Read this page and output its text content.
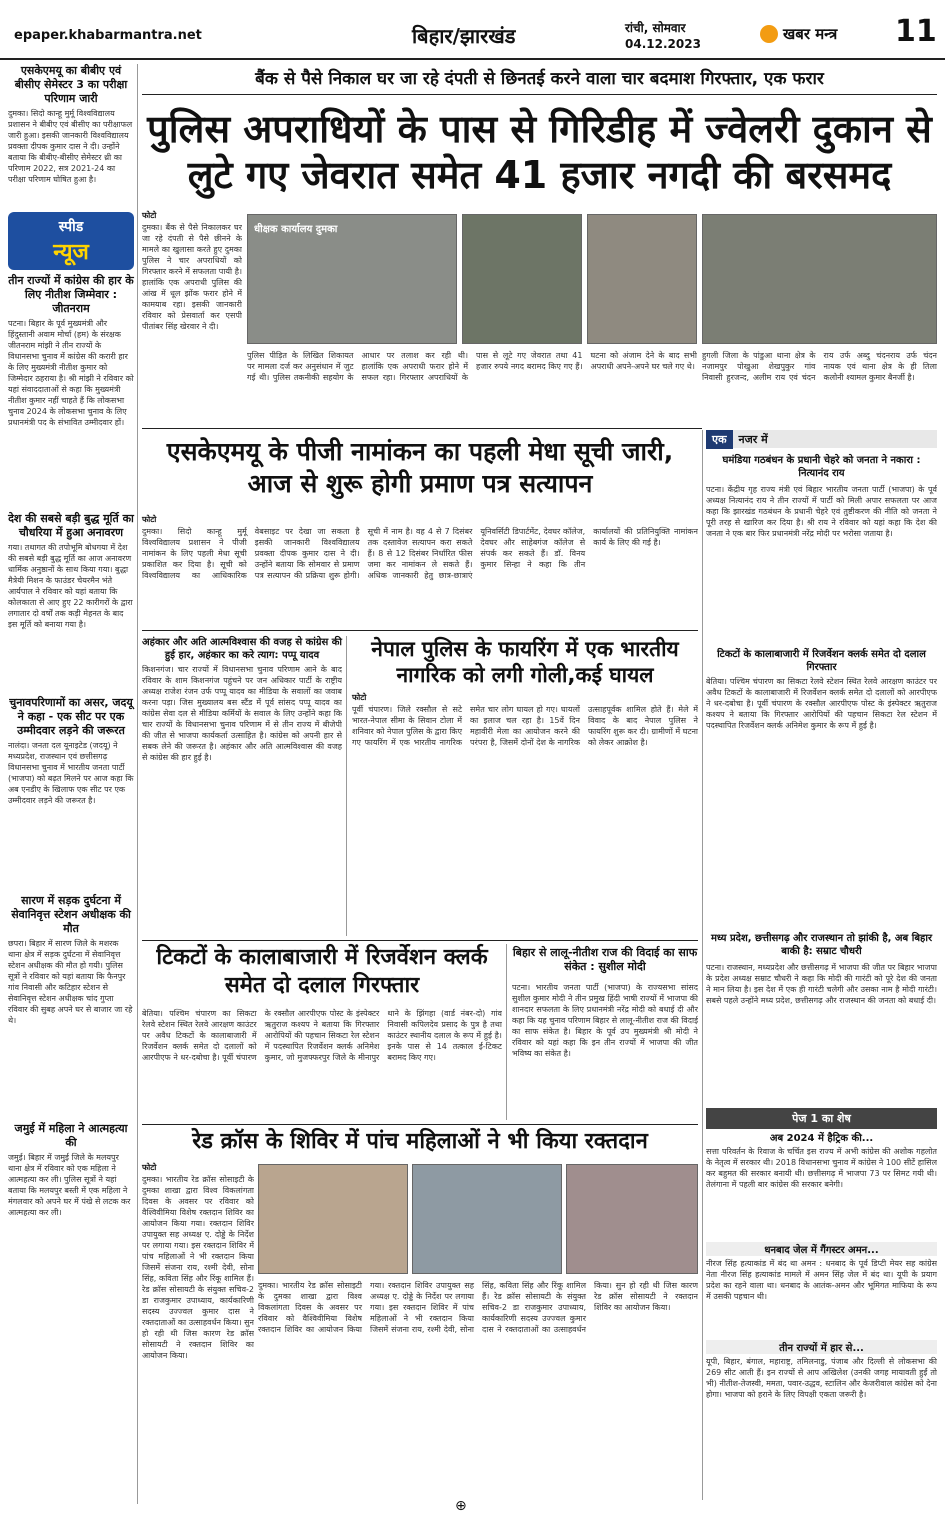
epaper.khabarmantra.net	बिहार/झारखंड	रांची, सोमवार
04.12.2023
खबर मन्त्र 11
एसकेएमयू का बीबीए एवं बीसीए सेमेस्टर 3 का परीक्षा परिणाम जारी
दुमका। सिदो कान्हू मुर्मू विश्वविद्यालय प्रशासन ने बीबीए एवं बीसीए का परीक्षाफल जारी हुआ। इसकी जानकारी विश्वविद्यालय प्रवक्ता दीपक कुमार दास ने दी। उन्होंने बताया कि बीबीए-बीसीए सेमेस्टर थ्री का परिणाम 2022, सत्र 2021-24 का परीक्षा परिणाम घोषित हुआ है।
स्पीड
न्यूज
तीन राज्यों में कांग्रेस की हार के लिए नीतीश जिम्मेवार : जीतनराम
पटना। बिहार के पूर्व मुख्यमंत्री और हिंदुस्तानी अवाम मोर्चा (हम) के संरक्षक जीतनराम मांझी ने तीन राज्यों के विधानसभा चुनाव में कांग्रेस की करारी हार के लिए मुख्यमंत्री नीतीश कुमार को जिम्मेदार ठहराया है। श्री मांझी ने रविवार को यहां संवाददाताओं से कहा कि मुख्यमंत्री नीतीश कुमार नहीं चाहते हैं कि लोकसभा चुनाव 2024 के लोकसभा चुनाव के लिए प्रधानमंत्री पद के संभावित उम्मीदवार हों।
देश की सबसे बड़ी बुद्ध मूर्ति का चौधरिया में हुआ अनावरण
गया। तथागत की तपोभूमि बोधगया में देश की सबसे बड़ी बुद्ध मूर्ति का आज अनावरण धार्मिक अनुष्ठानों के साथ किया गया। बुद्धा मैत्रेयी मिशन के फाउंडर चेयरमैन भंते आर्यपाल ने रविवार को यहां बताया कि कोलकाता से आए हुए 22 कारीगरों के द्वारा लगातार दो वर्षों तक कड़ी मेहनत के बाद इस मूर्ति को बनाया गया है।
चुनावपरिणामों का असर, जदयू ने कहा - एक सीट पर एक उम्मीदवार लड़ने की जरूरत
नालंदा। जनता दल यूनाइटेड (जदयू) ने मध्यप्रदेश, राजस्थान एवं छत्तीसगढ़ विधानसभा चुनाव में भारतीय जनता पार्टी (भाजपा) को बढ़त मिलने पर आज कहा कि अब एनडीए के खिलाफ एक सीट पर एक उम्मीदवार लड़ने की जरूरत है।
सारण में सड़क दुर्घटना में सेवानिवृत्त स्टेशन अधीक्षक की मौत
छपरा। बिहार में सारण जिले के मशरक थाना क्षेत्र में सड़क दुर्घटना में सेवानिवृत्त स्टेशन अधीक्षक की मौत हो गयी। पुलिस सूत्रों ने रविवार को यहां बताया कि फैनपुर गांव निवासी और कटिहार स्टेशन से सेवानिवृत्त स्टेशन अधीक्षक चांद गुप्ता रविवार की सुबह अपने घर से बाजार जा रहे थे।
जमुई में महिला ने आत्महत्या की
जमुई। बिहार में जमुई जिले के मलयपुर थाना क्षेत्र में रविवार को एक महिला ने आत्महत्या कर ली। पुलिस सूत्रों ने यहां बताया कि मलयपुर बस्ती में एक महिला ने मंगलवार को अपने घर में पंखे से लटक कर आत्महत्या कर ली।
बैंक से पैसे निकाल घर जा रहे दंपती से छिनतई करने वाला चार बदमाश गिरफ्तार, एक फरार
पुलिस अपराधियों के पास से गिरिडीह में ज्वेलरी दुकान से लुटे गए जेवरात समेत 41 हजार नगदी की बरसमद
फोटो
दुमका। बैंक से पैसे निकालकर घर जा रहे दंपती से पैसे छीनने के मामले का खुलासा करते हुए दुमका पुलिस ने चार अपराधियों को गिरफ्तार करने में सफलता पायी है। हालांकि एक अपराधी पुलिस की आंख में धूल झोंक फरार होने में कामयाब रहा। इसकी जानकारी रविवार को प्रेसवार्ता कर एसपी पीतांबर सिंह खेरवार ने दी।
धीक्षक कार्यालय दुमका
पुलिस पीड़ित के लिखित शिकायत पर मामला दर्ज कर अनुसंधान में जुट गई थी। पुलिस तकनीकी सहयोग के आधार पर तलाश कर रही थी। हालांकि एक अपराधी फरार होने में सफल रहा। गिरफ्तार अपराधियों के पास से लूटे गए जेवरात तथा 41 हजार रुपये नगद बरामद किए गए हैं। घटना को अंजाम देने के बाद सभी अपराधी अपने-अपने घर चले गए थे।
हुगली जिला के पांडुआ थाना क्षेत्र के नजामपुर पोखुआ शेखपुकुर गांव निवासी हुरजन्द, अलीम राय एवं चंदन राय उर्फ अब्दु चंदनराय उर्फ चंदन नायक एवं थाना क्षेत्र के ही तिला कलोनी श्यामल कुमार बैनर्जी है।
एक	नजर में
घमंडिया गठबंधन के प्रधानी चेहरे को जनता ने नकारा : नित्यानंद राय
पटना। केंद्रीय गृह राज्य मंत्री एवं बिहार भारतीय जनता पार्टी (भाजपा) के पूर्व अध्यक्ष नित्यानंद राय ने तीन राज्यों में पार्टी को मिली अपार सफलता पर आज कहा कि झारखंड गठबंधन के प्रधानी चेहरे एवं तुष्टीकरण की नीति को जनता ने पूरी तरह से खारिज कर दिया है। श्री राय ने रविवार को यहां कहा कि देश की जनता ने एक बार फिर प्रधानमंत्री नरेंद्र मोदी पर भरोसा जताया है।
टिकटों के कालाबाजारी में रिजर्वेशन क्लर्क समेत दो दलाल गिरफ्तार
बेतिया। पश्चिम चंपारण का सिकटा रेलवे स्टेशन स्थित रेलवे आरक्षण काउंटर पर अवैध टिकटों के कालाबाजारी में रिजर्वेशन क्लर्क समेत दो दलालों को आरपीएफ ने धर-दबोचा है। पूर्वी चंपारण के रक्सौल आरपीएफ पोस्ट के इंस्पेक्टर ऋतुराज कश्यप ने बताया कि गिरफ्तार आरोपियों की पहचान सिकटा रेल स्टेशन में पदस्थापित रिजर्वेशन क्लर्क अनिमेश कुमार के रूप में हुई है।
मध्य प्रदेश, छत्तीसगढ़ और राजस्थान तो झांकी है, अब बिहार बाकी है: सम्राट चौधरी
पटना। राजस्थान, मध्यप्रदेश और छत्तीसगढ़ में भाजपा की जीत पर बिहार भाजपा के प्रदेश अध्यक्ष सम्राट चौधरी ने कहा कि मोदी की गारंटी को पूरे देश की जनता ने मान लिया है। इस देश में एक ही गारंटी चलेगी और उसका नाम है मोदी गारंटी। सबसे पहले उन्होंने मध्य प्रदेश, छत्तीसगढ़ और राजस्थान की जनता को बधाई दी।
एसकेएमयू के पीजी नामांकन का पहली मेधा सूची जारी, आज से शुरू होगी प्रमाण पत्र सत्यापन
फोटो
दुमका। सिदो कान्हू मुर्मू विश्वविद्यालय प्रशासन ने पीजी नामांकन के लिए पहली मेधा सूची प्रकाशित कर दिया है। सूची को विश्वविद्यालय का आधिकारिक वेबसाइट पर देखा जा सकता है इसकी जानकारी विश्वविद्यालय प्रवक्ता दीपक कुमार दास ने दी। उन्होंने बताया कि सोमवार से प्रमाण पत्र सत्यापन की प्रक्रिया शुरू होगी। सूची में नाम है। वह 4 से 7 दिसंबर तक दस्तावेज सत्यापन करा सकते हैं। 8 से 12 दिसंबर निर्धारित फीस जमा कर नामांकन ले सकते हैं। अधिक जानकारी हेतु छात्र-छात्राएं यूनिवर्सिटी डिपार्टमेंट, देवघर कॉलेज, देवघर और साहेबगंज कॉलेज से संपर्क कर सकते हैं। डॉ. विनय कुमार सिन्हा ने कहा कि तीन कार्यालयों की प्रतिनियुक्ति नामांकन कार्य के लिए की गई है।
अहंकार और अति आत्मविश्वास की वजह से कांग्रेस की हुई हार, अहंकार का करे त्याग: पप्पू यादव
किशनगंज। चार राज्यों में विधानसभा चुनाव परिणाम आने के बाद रविवार के शाम किशनगंज पहुंचने पर जन अधिकार पार्टी के राष्ट्रीय अध्यक्ष राजेश रंजन उर्फ पप्पू यादव का मीडिया के सवालों का जवाब करना पड़ा। जिस मुख्यालय बस स्टैंड में पूर्व सांसद पप्पू यादव का कांग्रेस सेवा दल से मीडिया कर्मियों के सवाल के लिए उन्होंने कहा कि चार राज्यों के विधानसभा चुनाव परिणाम में से तीन राज्य में बीजेपी की जीत से भाजपा कार्यकर्ता उत्साहित है। कांग्रेस को अपनी हार से सबक लेने की जरूरत है। अहंकार और अति आत्मविश्वास की वजह से कांग्रेस की हार हुई है।
नेपाल पुलिस के फायरिंग में एक भारतीय नागरिक को लगी गोली,कई घायल
फोटो
पूर्वी चंपारण। जिले रक्सौल से सटे भारत-नेपाल सीमा के सिवान टोला में शनिवार को नेपाल पुलिस के द्वारा किए गए फायरिंग में एक भारतीय नागरिक समेत चार लोग घायल हो गए। घायलों का इलाज चल रहा है। 15वें दिन महावीरी मेला का आयोजन करने की परंपरा है, जिसमें दोनों देश के नागरिक उत्साहपूर्वक शामिल होते हैं। मेले में विवाद के बाद नेपाल पुलिस ने फायरिंग शुरू कर दी। ग्रामीणों में घटना को लेकर आक्रोश है।
टिकटों के कालाबाजारी में रिजर्वेशन क्लर्क समेत दो दलाल गिरफ्तार
बेतिया। पश्चिम चंपारण का सिकटा रेलवे स्टेशन स्थित रेलवे आरक्षण काउंटर पर अवैध टिकटों के कालाबाजारी में रिजर्वेशन क्लर्क समेत दो दलालों को आरपीएफ ने धर-दबोचा है। पूर्वी चंपारण के रक्सौल आरपीएफ पोस्ट के इंस्पेक्टर ऋतुराज कश्यप ने बताया कि गिरफ्तार आरोपियों की पहचान सिकटा रेल स्टेशन में पदस्थापित रिजर्वेशन क्लर्क अनिमेश कुमार, जो मुजफ्फरपुर जिले के मीनापुर थाने के झिंगहा (वार्ड नंबर-दो) गांव निवासी कपिलदेव प्रसाद के पुत्र है तथा काउंटर स्थानीय दलाल के रूप में हुई है। इनके पास से 14 तत्काल ई-टिकट बरामद किए गए।
बिहार से लालू-नीतीश राज की विदाई का साफ संकेत : सुशील मोदी
पटना। भारतीय जनता पार्टी (भाजपा) के राज्यसभा सांसद सुशील कुमार मोदी ने तीन प्रमुख हिंदी भाषी राज्यों में भाजपा की शानदार सफलता के लिए प्रधानमंत्री नरेंद्र मोदी को बधाई दी और कहा कि यह चुनाव परिणाम बिहार से लालू-नीतीश राज की विदाई का साफ संकेत है। बिहार के पूर्व उप मुख्यमंत्री श्री मोदी ने रविवार को यहां कहा कि इन तीन राज्यों में भाजपा की जीत भविष्य का संकेत है।
रेड क्रॉस के शिविर में पांच महिलाओं ने भी किया रक्तदान
फोटो
दुमका। भारतीय रेड क्रॉस सोसाइटी के दुमका शाखा द्वारा विश्व विकलांगता दिवस के अवसर पर रविवार को वैश्विवीमिया विशेष रक्तदान शिविर का आयोजन किया गया। रक्तदान शिविर उपायुक्त सह अध्यक्ष ए. दोड्डे के निर्देश पर लगाया गया। इस रक्तदान शिविर में पांच महिलाओं ने भी रक्तदान किया जिसमें संजना राय, रश्मी देवी, सोना सिंह, कविता सिंह और रिंकू शामिल हैं। रेड क्रॉस सोसायटी के संयुक्त सचिव-2 डा राजकुमार उपाध्याय, कार्यकारिणी सदस्य उज्ज्वल कुमार दास ने रक्तदाताओं का उत्साहवर्धन किया। सुन हो रही थी जिस कारण रेड क्रॉस सोसायटी ने रक्तदान शिविर का आयोजन किया।
दुमका। भारतीय रेड क्रॉस सोसाइटी के दुमका शाखा द्वारा विश्व विकलांगता दिवस के अवसर पर रविवार को वैश्विवीमिया विशेष रक्तदान शिविर का आयोजन किया गया। रक्तदान शिविर उपायुक्त सह अध्यक्ष ए. दोड्डे के निर्देश पर लगाया गया। इस रक्तदान शिविर में पांच महिलाओं ने भी रक्तदान किया जिसमें संजना राय, रश्मी देवी, सोना सिंह, कविता सिंह और रिंकू शामिल हैं। रेड क्रॉस सोसायटी के संयुक्त सचिव-2 डा राजकुमार उपाध्याय, कार्यकारिणी सदस्य उज्ज्वल कुमार दास ने रक्तदाताओं का उत्साहवर्धन किया। सुन हो रही थी जिस कारण रेड क्रॉस सोसायटी ने रक्तदान शिविर का आयोजन किया।
पेज 1 का शेष
अब 2024 में हैट्रिक की...
सत्ता परिवर्तन के रिवाज के चर्चित इस राज्य में अभी कांग्रेस की अशोक गहलोत के नेतृत्व में सरकार थी। 2018 विधानसभा चुनाव में कांग्रेस ने 100 सीटें हासिल कर बहुमत की सरकार बनायी थी। छत्तीसगढ़ में भाजपा 73 पर सिमट गयी थी। तेलंगाना में पहली बार कांग्रेस की सरकार बनेगी।
धनबाद जेल में गैंगस्टर अमन...
नीरज सिंह हत्याकांड में बंद था अमन : धनबाद के पूर्व डिप्टी मेयर सह कांग्रेस नेता नीरज सिंह हत्याकांड मामले में अमन सिंह जेल में बंद था। यूपी के प्रयाग प्रदेश का रहने वाला था। धनबाद के आतंक-अमन और भूमिगत माफिया के रूप में उसकी पहचान थी।
तीन राज्यों में हार से...
यूपी, बिहार, बंगाल, महाराष्ट्र, तमिलनाडु, पंजाब और दिल्ली से लोकसभा की 269 सीट आती हैं। इन राज्यों से आप अखिलेश (उनकी जगह मायावती हुईं तो भी) नीतीश-तेजस्वी, ममता, पवार-उद्धव, स्टालिन और केजरीवाल कांग्रेस को देना होगा। भाजपा को हराने के लिए विपक्षी एकता जरूरी है।
⊕
